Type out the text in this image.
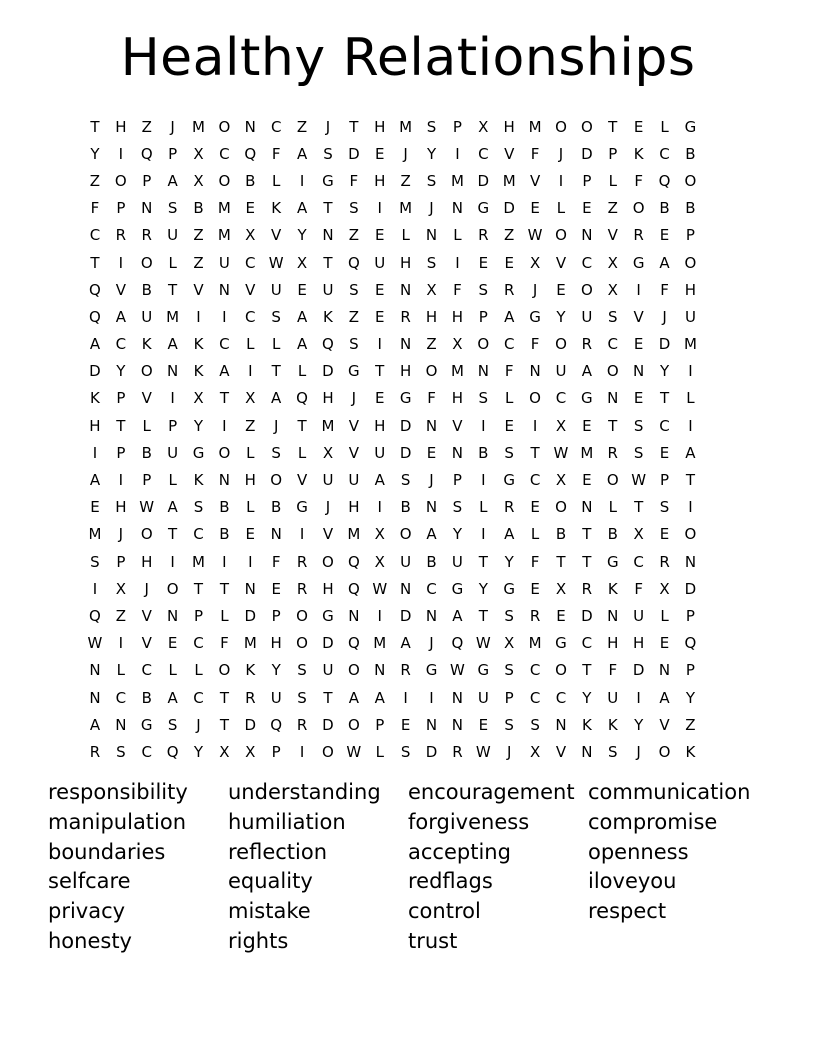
Healthy Relationships
T	H	Z	J	M O N	C	Z	J	T	H M S	P	X	H M O O	T	E	L	G
Y	I	Q	P	X	C Q	F	A	S	D	E	J	Y	I	C	V	F	J	D	P	K	C	B
Z O	P	A	X O B	L	I	G	F	H	Z	S M D M V	I	P	L	F	Q O
F	P	N	S	B M E	K	A	T	S	I	M	J	N G D	E	L	E	Z O B	B
C	R	R	U	Z M X	V	Y	N	Z	E	L	N	L	R	Z W O N	V	R	E	P
T	I	O	L	Z	U	C W X	T	Q U H	S	I	E	E	X	V	C	X G A O
Q V	B	T	V	N	V	U	E	U	S	E	N	X	F	S	R	J	E	O X	I	F	H
Q A	U M	I	I	C	S	A	K	Z	E	R	H H	P	A G	Y	U	S	V	J	U
A	C	K	A	K	C	L	L	A Q	S	I	N	Z	X O C	F	O R	C	E	D M
D	Y	O N	K	A	I	T	L	D G	T	H O M N	F	N U	A O N	Y	I
K	P	V	I	X	T	X	A Q H	J	E	G	F	H	S	L	O C G N	E	T	L
H	T	L	P	Y	I	Z	J	T M V	H D N	V	I	E	I	X	E	T	S	C	I
I	P	B	U G O	L	S	L	X	V	U D	E	N	B	S	T W M R	S	E	A
A	I	P	L	K	N H O V	U U	A	S	J	P	I	G C	X	E	O W P	T
E	H W A	S	B	L	B G	J	H	I	B	N	S	L	R	E	O N	L	T	S	I
M	J	O	T	C	B	E	N	I	V M X O A	Y	I	A	L	B	T	B	X	E	O
S	P	H	I	M	I	I	F	R O Q X	U	B	U	T	Y	F	T	T	G C	R	N
I	X	J	O	T	T	N	E	R	H Q W N	C G	Y	G	E	X	R	K	F	X D
Q Z	V	N	P	L	D	P	O G N	I	D N	A	T	S	R	E	D N U	L	P
W	I	V	E	C	F	M H O D Q M A	J	Q W X M G C	H H	E	Q
N	L	C	L	L	O	K	Y	S	U O N	R G W G	S	C O	T	F	D N	P
N	C	B	A	C	T	R	U	S	T	A	A	I	I	N U	P	C	C	Y	U	I	A	Y
A	N G	S	J	T	D Q R D O	P	E	N N	E	S	S	N	K	K	Y	V	Z
R	S	C Q	Y	X	X	P	I	O W L	S	D R W	J	X	V	N	S	J	O	K
responsibility
manipulation
boundaries
selfcare
privacy
honesty
understanding
humiliation
reflection
equality
mistake
rights
encouragement
forgiveness
accepting
redflags
control
trust
communication
compromise
openness
iloveyou
respect
